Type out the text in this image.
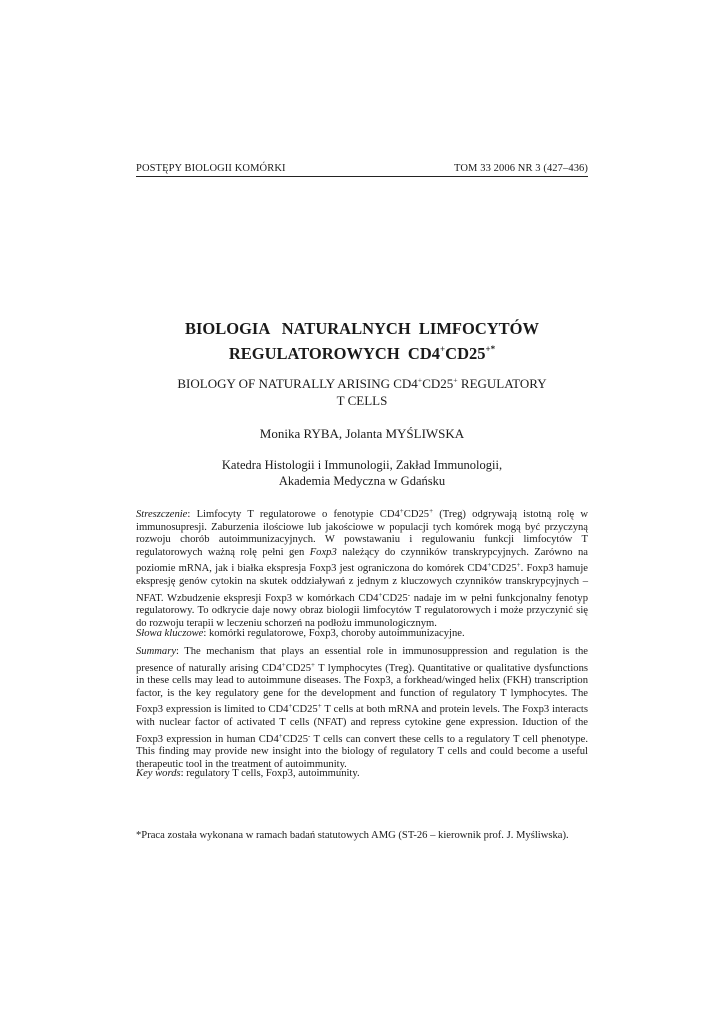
POSTĘPY BIOLOGII KOMÓRKI	TOM 33 2006 NR 3 (427–436)
BIOLOGIA   NATURALNYCH  LIMFOCYTÓW
REGULATOROWYCH  CD4+CD25+*
BIOLOGY OF NATURALLY ARISING CD4+CD25+ REGULATORY
T CELLS
Monika RYBA, Jolanta MYŚLIWSKA
Katedra Histologii i Immunologii, Zakład Immunologii,
Akademia Medyczna w Gdańsku
Streszczenie: Limfocyty T regulatorowe o fenotypie CD4+CD25+ (Treg) odgrywają istotną rolę w immunosupresji. Zaburzenia ilościowe lub jakościowe w populacji tych komórek mogą być przyczyną rozwoju chorób autoimmunizacyjnych. W powstawaniu i regulowaniu funkcji limfocytów T regulatorowych ważną rolę pełni gen Foxp3 należący do czynników transkrypcyjnych. Zarówno na poziomie mRNA, jak i białka ekspresja Foxp3 jest ograniczona do komórek CD4+CD25+. Foxp3 hamuje ekspresję genów cytokin na skutek oddziaływań z jednym z kluczowych czynników transkrypcyjnych – NFAT. Wzbudzenie ekspresji Foxp3 w komórkach CD4+CD25- nadaje im w pełni funkcjonalny fenotyp regulatorowy. To odkrycie daje nowy obraz biologii limfocytów T regulatorowych i może przyczynić się do rozwoju terapii w leczeniu schorzeń na podłożu immunologicznym.
Słowa kluczowe: komórki regulatorowe, Foxp3, choroby autoimmunizacyjne.
Summary: The mechanism that plays an essential role in immunosuppression and regulation is the presence of naturally arising CD4+CD25+ T lymphocytes (Treg). Quantitative or qualitative dysfunctions in these cells may lead to autoimmune diseases. The Foxp3, a forkhead/winged helix (FKH) transcription factor, is the key regulatory gene for the development and function of regulatory T lymphocytes. The Foxp3 expression is limited to CD4+CD25+ T cells at both mRNA and protein levels. The Foxp3 interacts with nuclear factor of activated T cells (NFAT) and repress cytokine gene expression. Iduction of the Foxp3 expression in human CD4+CD25- T cells can convert these cells to a regulatory T cell phenotype. This finding may provide new insight into the biology of regulatory T cells and could become a useful therapeutic tool in the treatment of autoimmunity.
Key words: regulatory T cells, Foxp3, autoimmunity.
*Praca została wykonana w ramach badań statutowych AMG (ST-26 – kierownik prof. J. Myśliwska).
